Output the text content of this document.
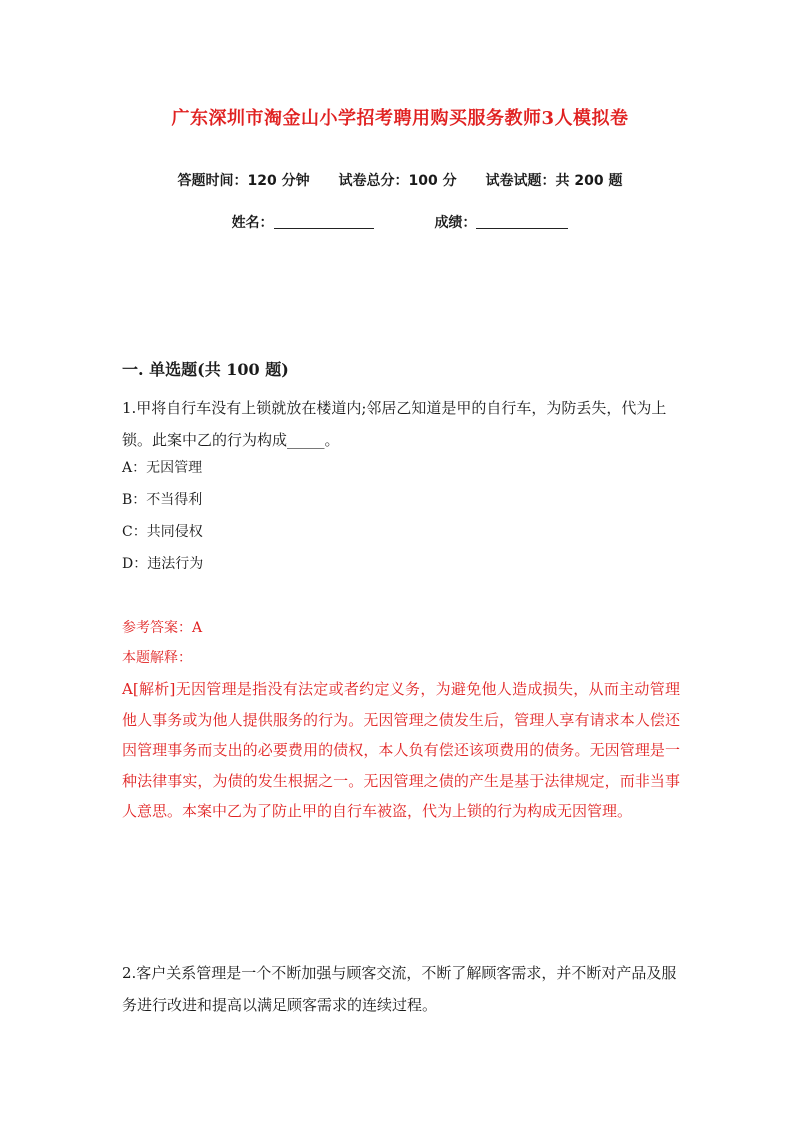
广东深圳市淘金山小学招考聘用购买服务教师3人模拟卷
答题时间：120 分钟 试卷总分：100 分 试卷试题：共 200 题
姓名：	成绩：
一. 单选题(共 100 题)
1.甲将自行车没有上锁就放在楼道内;邻居乙知道是甲的自行车，为防丢失，代为上锁。此案中乙的行为构成_____。
A：无因管理
B：不当得利
C：共同侵权
D：违法行为
参考答案：A
本题解释：
A[解析]无因管理是指没有法定或者约定义务，为避免他人造成损失，从而主动管理他人事务或为他人提供服务的行为。无因管理之债发生后，管理人享有请求本人偿还因管理事务而支出的必要费用的债权，本人负有偿还该项费用的债务。无因管理是一种法律事实，为债的发生根据之一。无因管理之债的产生是基于法律规定，而非当事人意思。本案中乙为了防止甲的自行车被盗，代为上锁的行为构成无因管理。
2.客户关系管理是一个不断加强与顾客交流，不断了解顾客需求，并不断对产品及服务进行改进和提高以满足顾客需求的连续过程。
